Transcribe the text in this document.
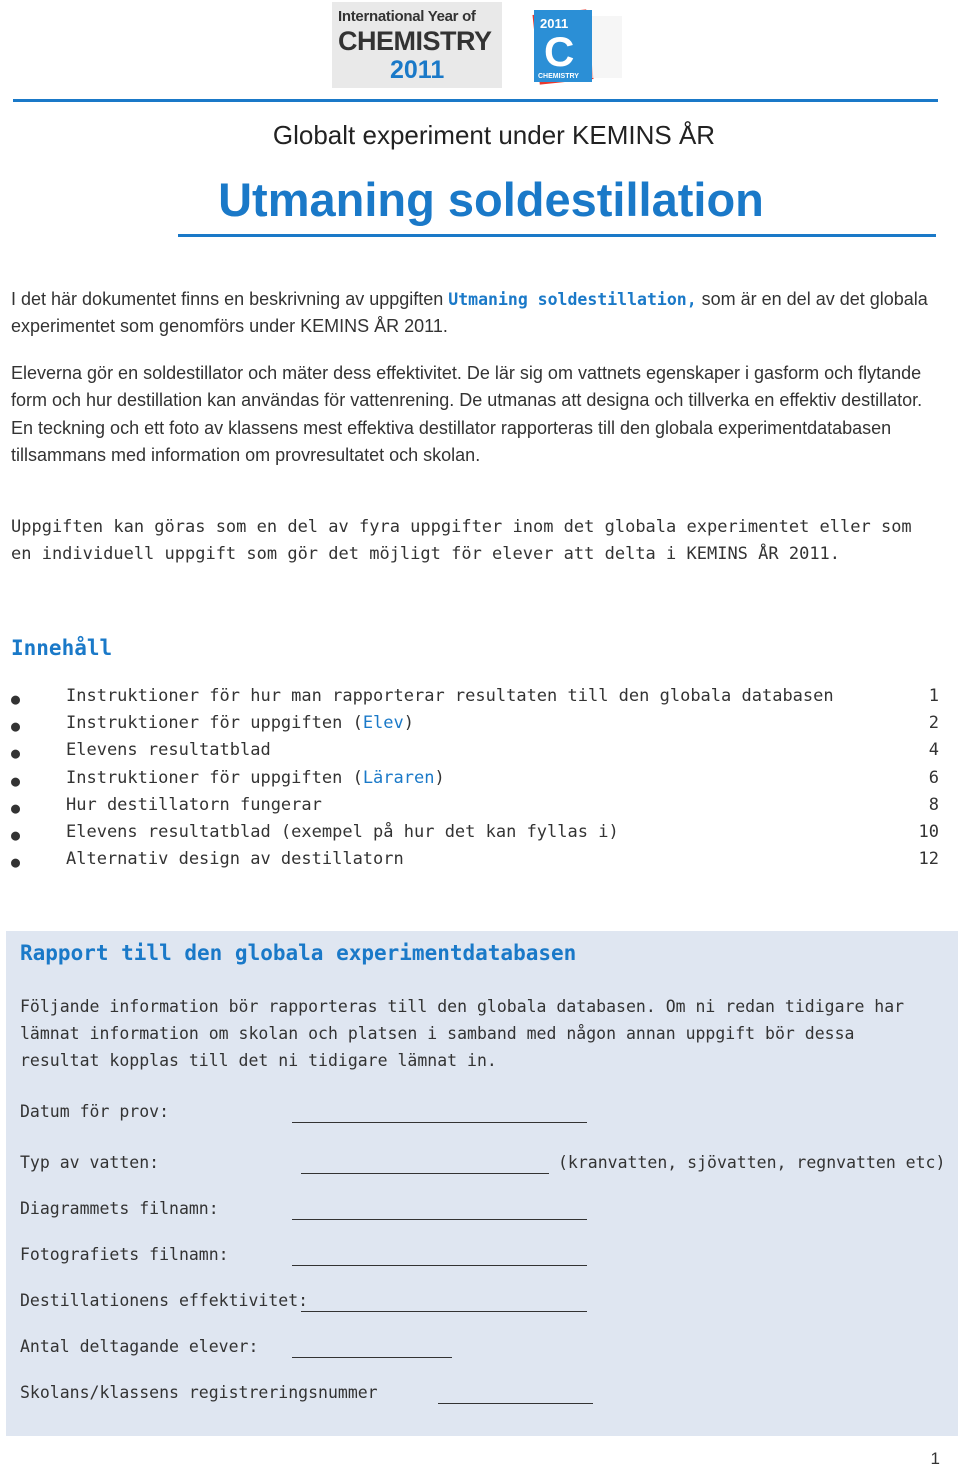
International Year of
CHEMISTRY
2011
2011
C
CHEMISTRY
Globalt experiment under KEMINS ÅR
Utmaning soldestillation
I det här dokumentet finns en beskrivning av uppgiften Utmaning soldestillation, som är en del av det globala experimentet som genomförs under KEMINS ÅR 2011.
Eleverna gör en soldestillator och mäter dess effektivitet. De lär sig om vattnets egenskaper i gasform och flytande form och hur destillation kan användas för vattenrening. De utmanas att designa och tillverka en effektiv destillator. En teckning och ett foto av klassens mest effektiva destillator rapporteras till den globala experimentdatabasen tillsammans med information om provresultatet och skolan.
Uppgiften kan göras som en del av fyra uppgifter inom det globala experimentet eller som en individuell uppgift som gör det möjligt för elever att delta i KEMINS ÅR 2011.
Innehåll
●	Instruktioner för hur man rapporterar resultaten till den globala databasen	1
●	Instruktioner för uppgiften (Elev)	2
●	Elevens resultatblad	4
●	Instruktioner för uppgiften (Läraren)	6
●	Hur destillatorn fungerar	8
●	Elevens resultatblad (exempel på hur det kan fyllas i)	10
●	Alternativ design av destillatorn	12
Rapport till den globala experimentdatabasen
Följande information bör rapporteras till den globala databasen. Om ni redan tidigare har lämnat information om skolan och platsen i samband med någon annan uppgift bör dessa resultat kopplas till det ni tidigare lämnat in.
Datum för prov:
Typ av vatten:	(kranvatten, sjövatten, regnvatten etc)
Diagrammets filnamn:
Fotografiets filnamn:
Destillationens effektivitet:
Antal deltagande elever:
Skolans/klassens registreringsnummer
1
